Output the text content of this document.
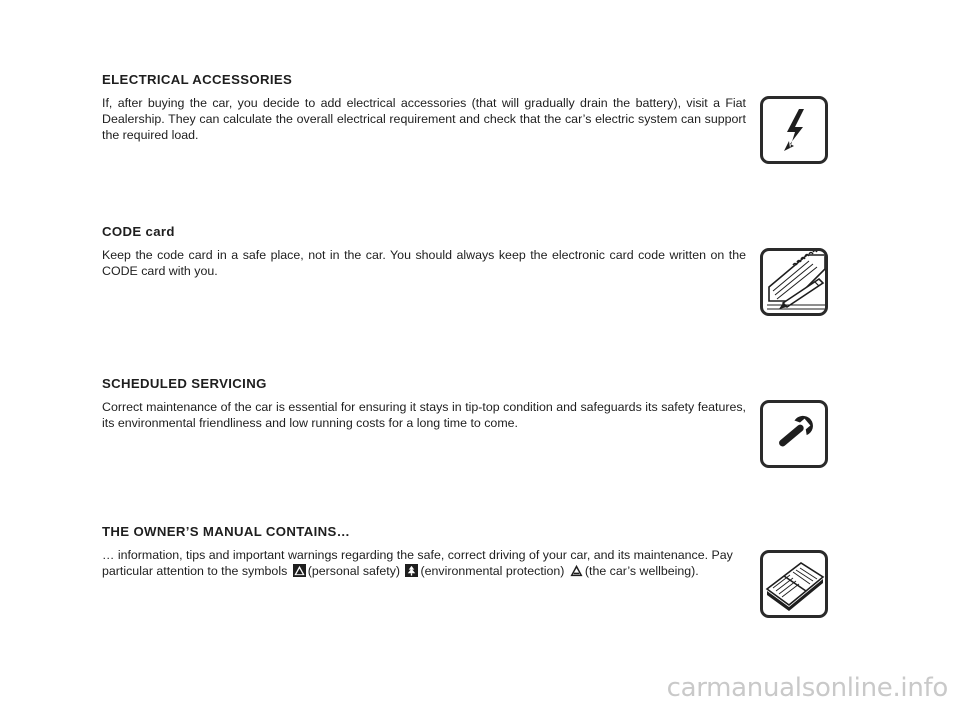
ELECTRICAL ACCESSORIES

If, after buying the car, you decide to add electrical accessories (that will gradually drain the battery), visit a Fiat Dealership. They can calculate the overall electrical requirement and check that the car’s electric system can support the required load.

CODE card

Keep the code card in a safe place, not in the car. You should always keep the electronic card code written on the CODE card with you.

SCHEDULED SERVICING

Correct maintenance of the car is essential for ensuring it stays in tip-top condition and safeguards its safety features, its environmental friendliness and low running costs for a long time to come.

THE OWNER’S MANUAL CONTAINS…

… information, tips and important warnings regarding the safe, correct driving of your car, and its maintenance. Pay particular attention to the symbols (personal safety) (environmental protection) (the car’s wellbeing).

carmanualsonline.info
